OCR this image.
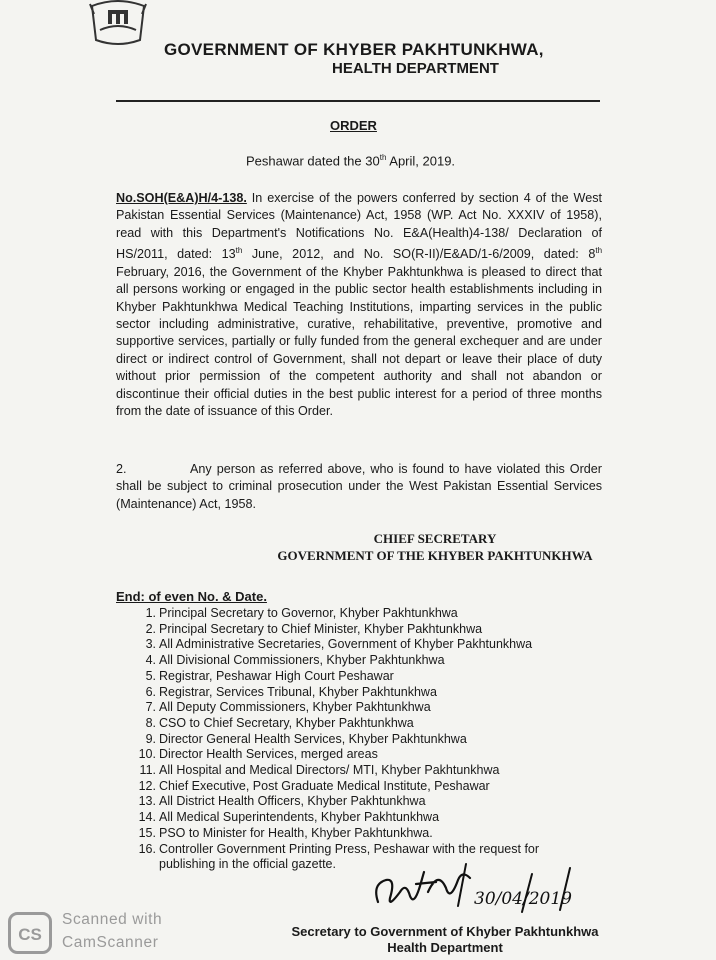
GOVERNMENT OF KHYBER PAKHTUNKHWA,
HEALTH DEPARTMENT
ORDER
Peshawar dated the 30th April, 2019.
No.SOH(E&A)H/4-138. In exercise of the powers conferred by section 4 of the West Pakistan Essential Services (Maintenance) Act, 1958 (WP. Act No. XXXIV of 1958), read with this Department's Notifications No. E&A(Health)4-138/ Declaration of HS/2011, dated: 13th June, 2012, and No. SO(R-II)/E&AD/1-6/2009, dated: 8th February, 2016, the Government of the Khyber Pakhtunkhwa is pleased to direct that all persons working or engaged in the public sector health establishments including in Khyber Pakhtunkhwa Medical Teaching Institutions, imparting services in the public sector including administrative, curative, rehabilitative, preventive, promotive and supportive services, partially or fully funded from the general exchequer and are under direct or indirect control of Government, shall not depart or leave their place of duty without prior permission of the competent authority and shall not abandon or discontinue their official duties in the best public interest for a period of three months from the date of issuance of this Order.
2.	Any person as referred above, who is found to have violated this Order shall be subject to criminal prosecution under the West Pakistan Essential Services (Maintenance) Act, 1958.
CHIEF SECRETARY
GOVERNMENT OF THE KHYBER PAKHTUNKHWA
End: of even No. & Date.
1. Principal Secretary to Governor, Khyber Pakhtunkhwa
2. Principal Secretary to Chief Minister, Khyber Pakhtunkhwa
3. All Administrative Secretaries, Government of Khyber Pakhtunkhwa
4. All Divisional Commissioners, Khyber Pakhtunkhwa
5. Registrar, Peshawar High Court Peshawar
6. Registrar, Services Tribunal, Khyber Pakhtunkhwa
7. All Deputy Commissioners, Khyber Pakhtunkhwa
8. CSO to Chief Secretary, Khyber Pakhtunkhwa
9. Director General Health Services, Khyber Pakhtunkhwa
10. Director Health Services, merged areas
11. All Hospital and Medical Directors/ MTI, Khyber Pakhtunkhwa
12. Chief Executive, Post Graduate Medical Institute, Peshawar
13. All District Health Officers, Khyber Pakhtunkhwa
14. All Medical Superintendents, Khyber Pakhtunkhwa
15. PSO to Minister for Health, Khyber Pakhtunkhwa.
16. Controller Government Printing Press, Peshawar with the request for
publishing in the official gazette.
30/04/2019
Secretary to Government of Khyber Pakhtunkhwa
Health Department
CS
Scanned with
CamScanner
